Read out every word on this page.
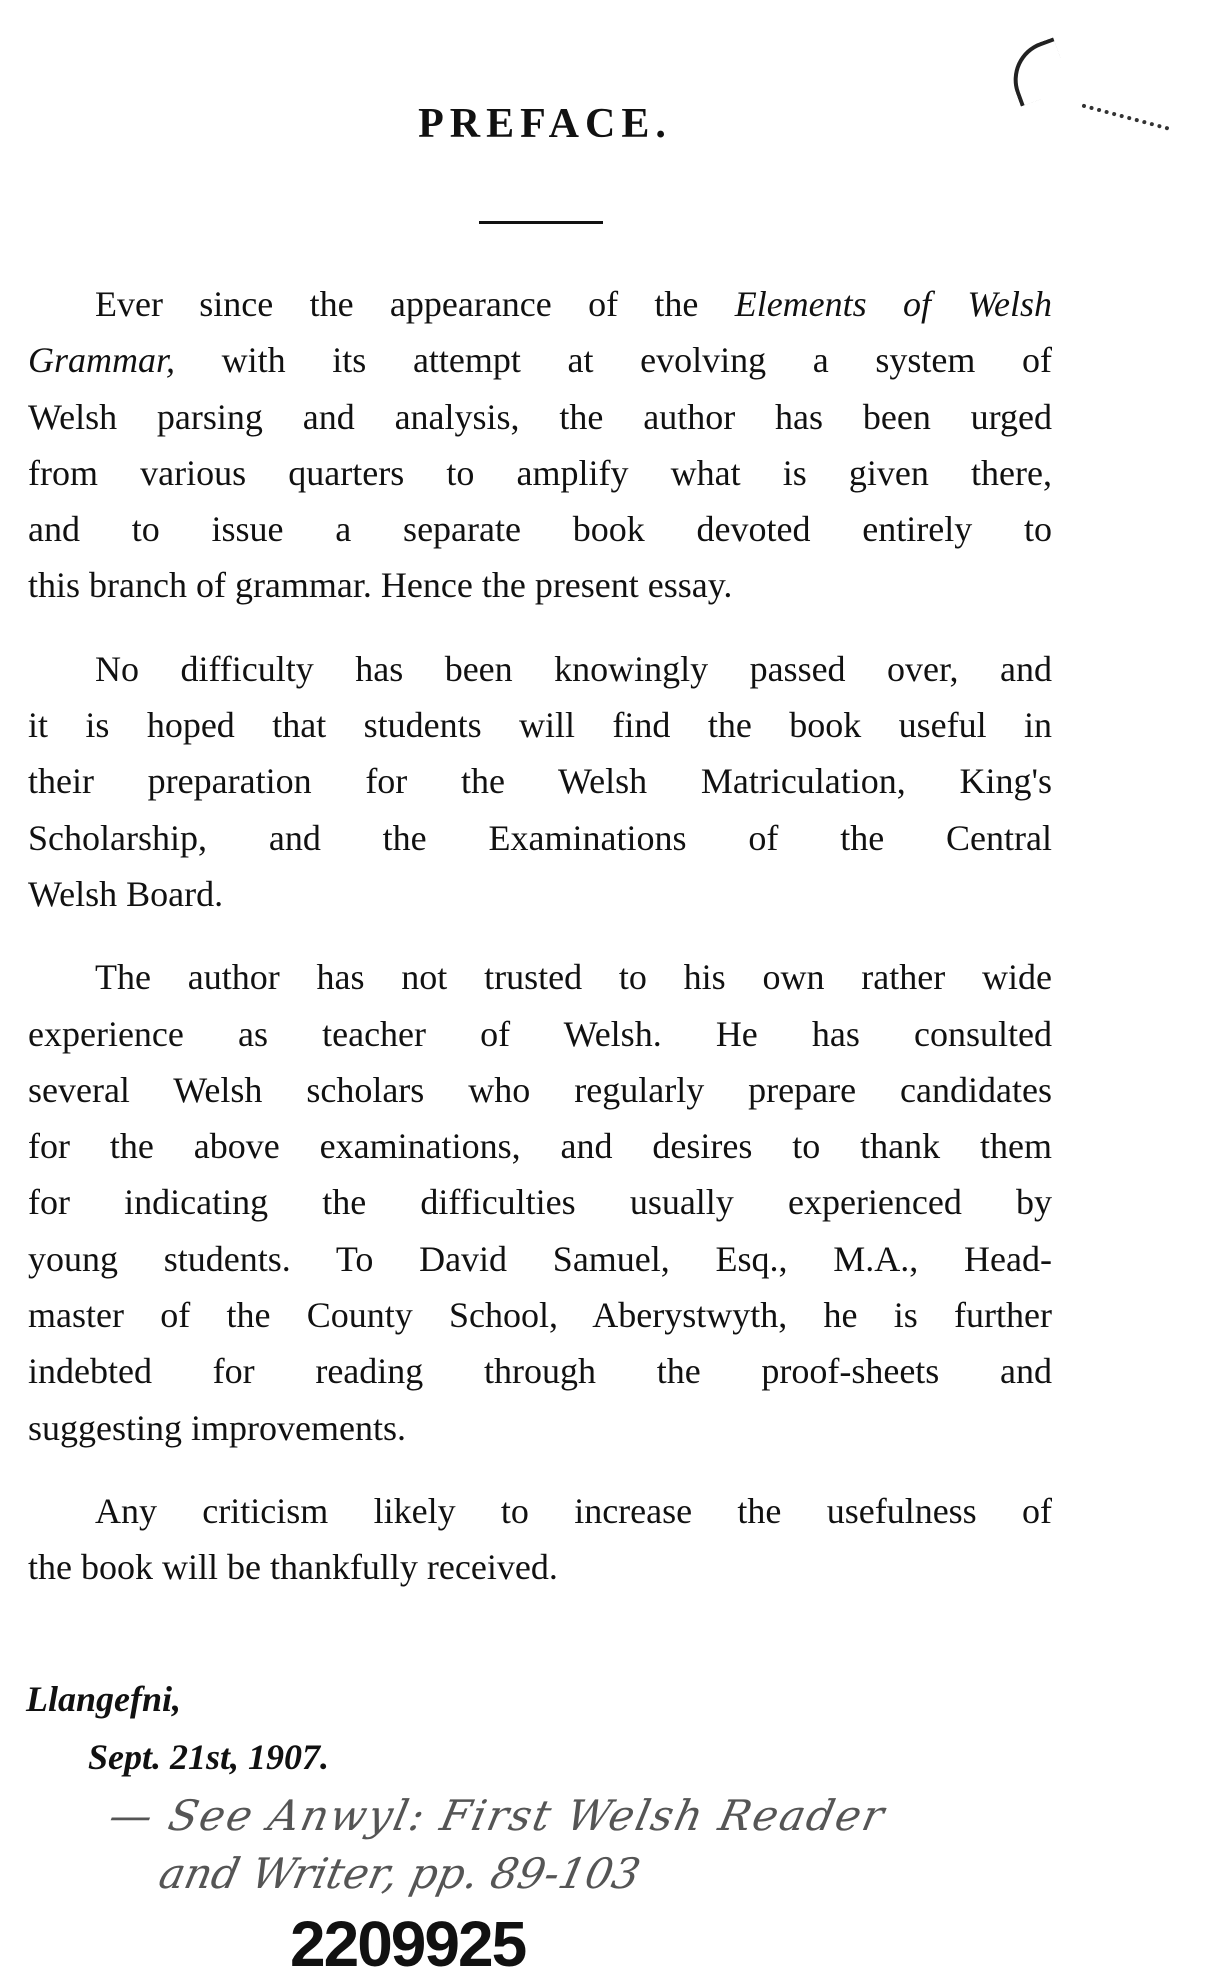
PREFACE.
Ever since the appearance of the Elements of Welsh
Grammar, with its attempt at evolving a system of
Welsh parsing and analysis, the author has been urged
from various quarters to amplify what is given there,
and to issue a separate book devoted entirely to
this branch of grammar. Hence the present essay.
No difficulty has been knowingly passed over, and
it is hoped that students will find the book useful in
their preparation for the Welsh Matriculation, King's
Scholarship, and the Examinations of the Central
Welsh Board.
The author has not trusted to his own rather wide
experience as teacher of Welsh. He has consulted
several Welsh scholars who regularly prepare candidates
for the above examinations, and desires to thank them
for indicating the difficulties usually experienced by
young students. To David Samuel, Esq., M.A., Head-
master of the County School, Aberystwyth, he is further
indebted for reading through the proof-sheets and
suggesting improvements.
Any criticism likely to increase the usefulness of
the book will be thankfully received.
Llangefni,
Sept. 21st, 1907.
— See Anwyl: First Welsh Reader
and Writer, pp. 89-103
2209925
